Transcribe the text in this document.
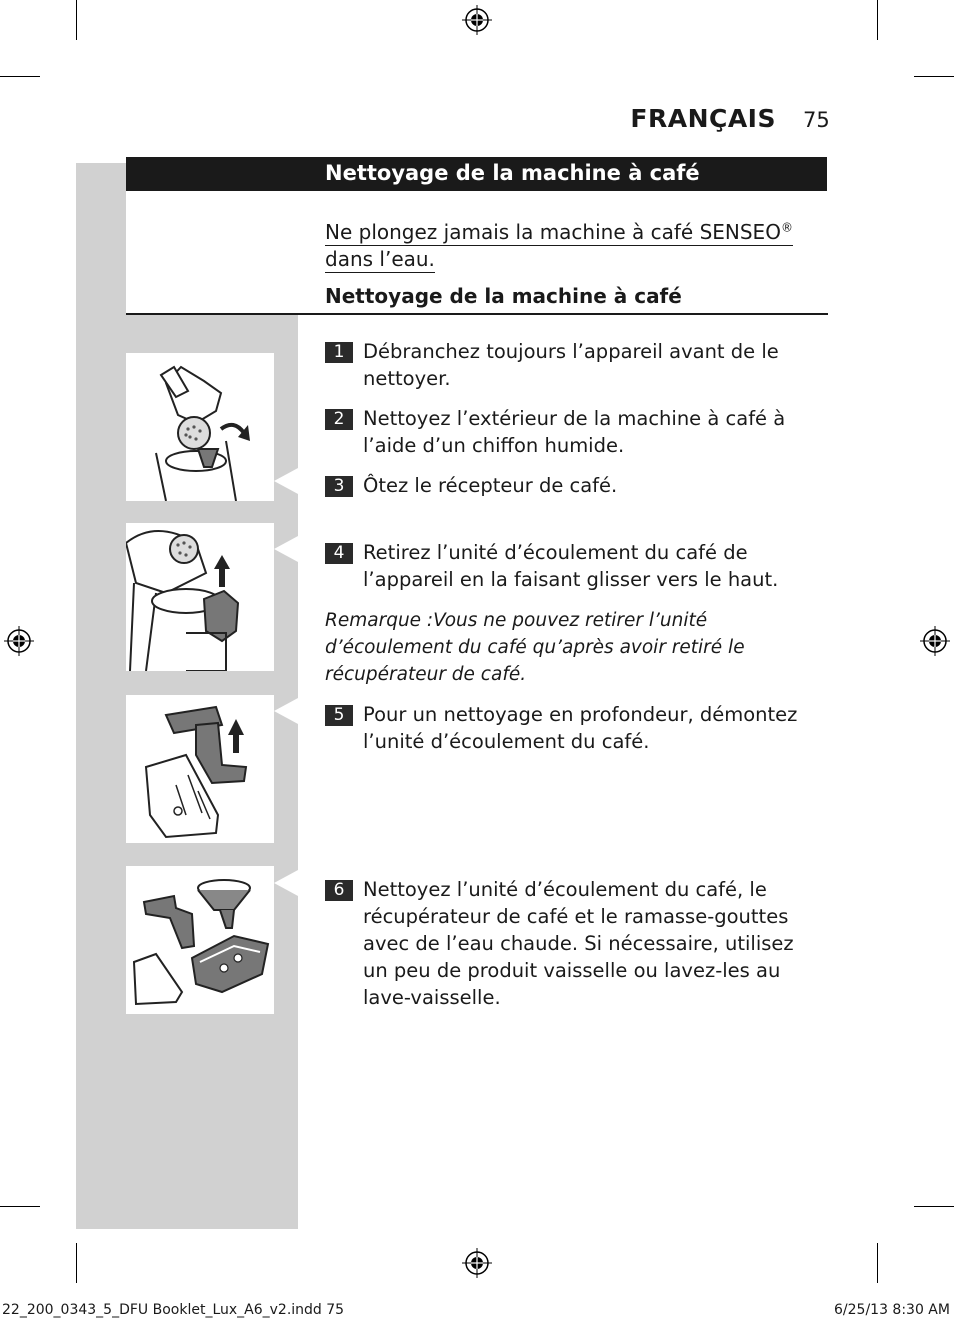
FRANÇAIS 75
Nettoyage de la machine à café
Ne plongez jamais la machine à café SENSEO®
dans l’eau.
Nettoyage de la machine à café
1 Débranchez toujours l’appareil avant de le nettoyer.
2 Nettoyez l’extérieur de la machine à café à l’aide d’un chiffon humide.
3 Ôtez le récepteur de café.
4 Retirez l’unité d’écoulement du café de l’appareil en la faisant glisser vers le haut.
Remarque :Vous ne pouvez retirer l’unité d’écoulement du café qu’après avoir retiré le récupérateur de café.
5 Pour un nettoyage en profondeur, démontez l’unité d’écoulement du café.
6 Nettoyez l’unité d’écoulement du café, le récupérateur de café et le ramasse-gouttes avec de l’eau chaude. Si nécessaire, utilisez un peu de produit vaisselle ou lavez-les au lave-vaisselle.
22_200_0343_5_DFU Booklet_Lux_A6_v2.indd 75	6/25/13 8:30 AM
